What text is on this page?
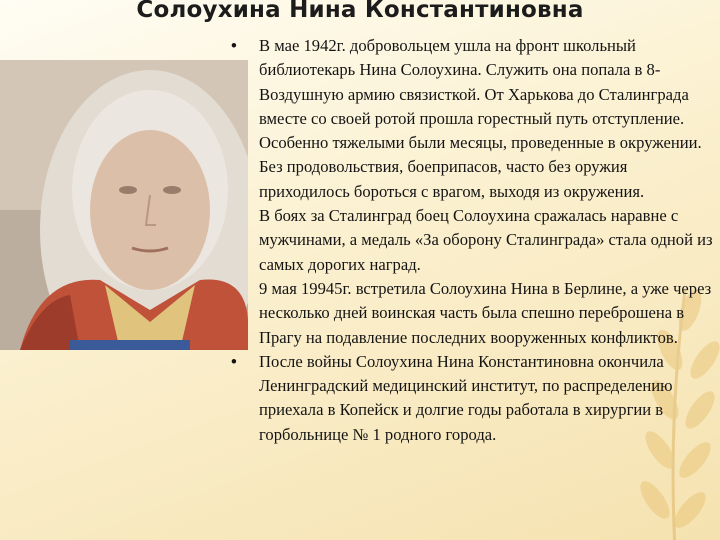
Солоухина Нина Константиновна
• В мае 1942г. добровольцем ушла на фронт школьный библиотекарь Нина Солоухина. Служить она попала в 8-Воздушную армию связисткой. От Харькова до Сталинграда вместе со своей ротой прошла горестный путь отступление. Особенно тяжелыми были месяцы, проведенные в окружении. Без продовольствия, боеприпасов, часто без оружия приходилось бороться с врагом, выходя из окружения.
В боях за Сталинград боец Солоухина сражалась наравне с мужчинами, а медаль «За оборону Сталинграда» стала одной из самых дорогих наград.
9 мая 19945г. встретила Солоухина Нина в Берлине, а уже через несколько дней воинская часть была спешно переброшена в Прагу на подавление последних вооруженных конфликтов.
• После войны Солоухина Нина Константиновна окончила Ленинградский медицинский институт, по распределению приехала в Копейск и долгие годы работала в хирургии в горбольнице № 1 родного города.
